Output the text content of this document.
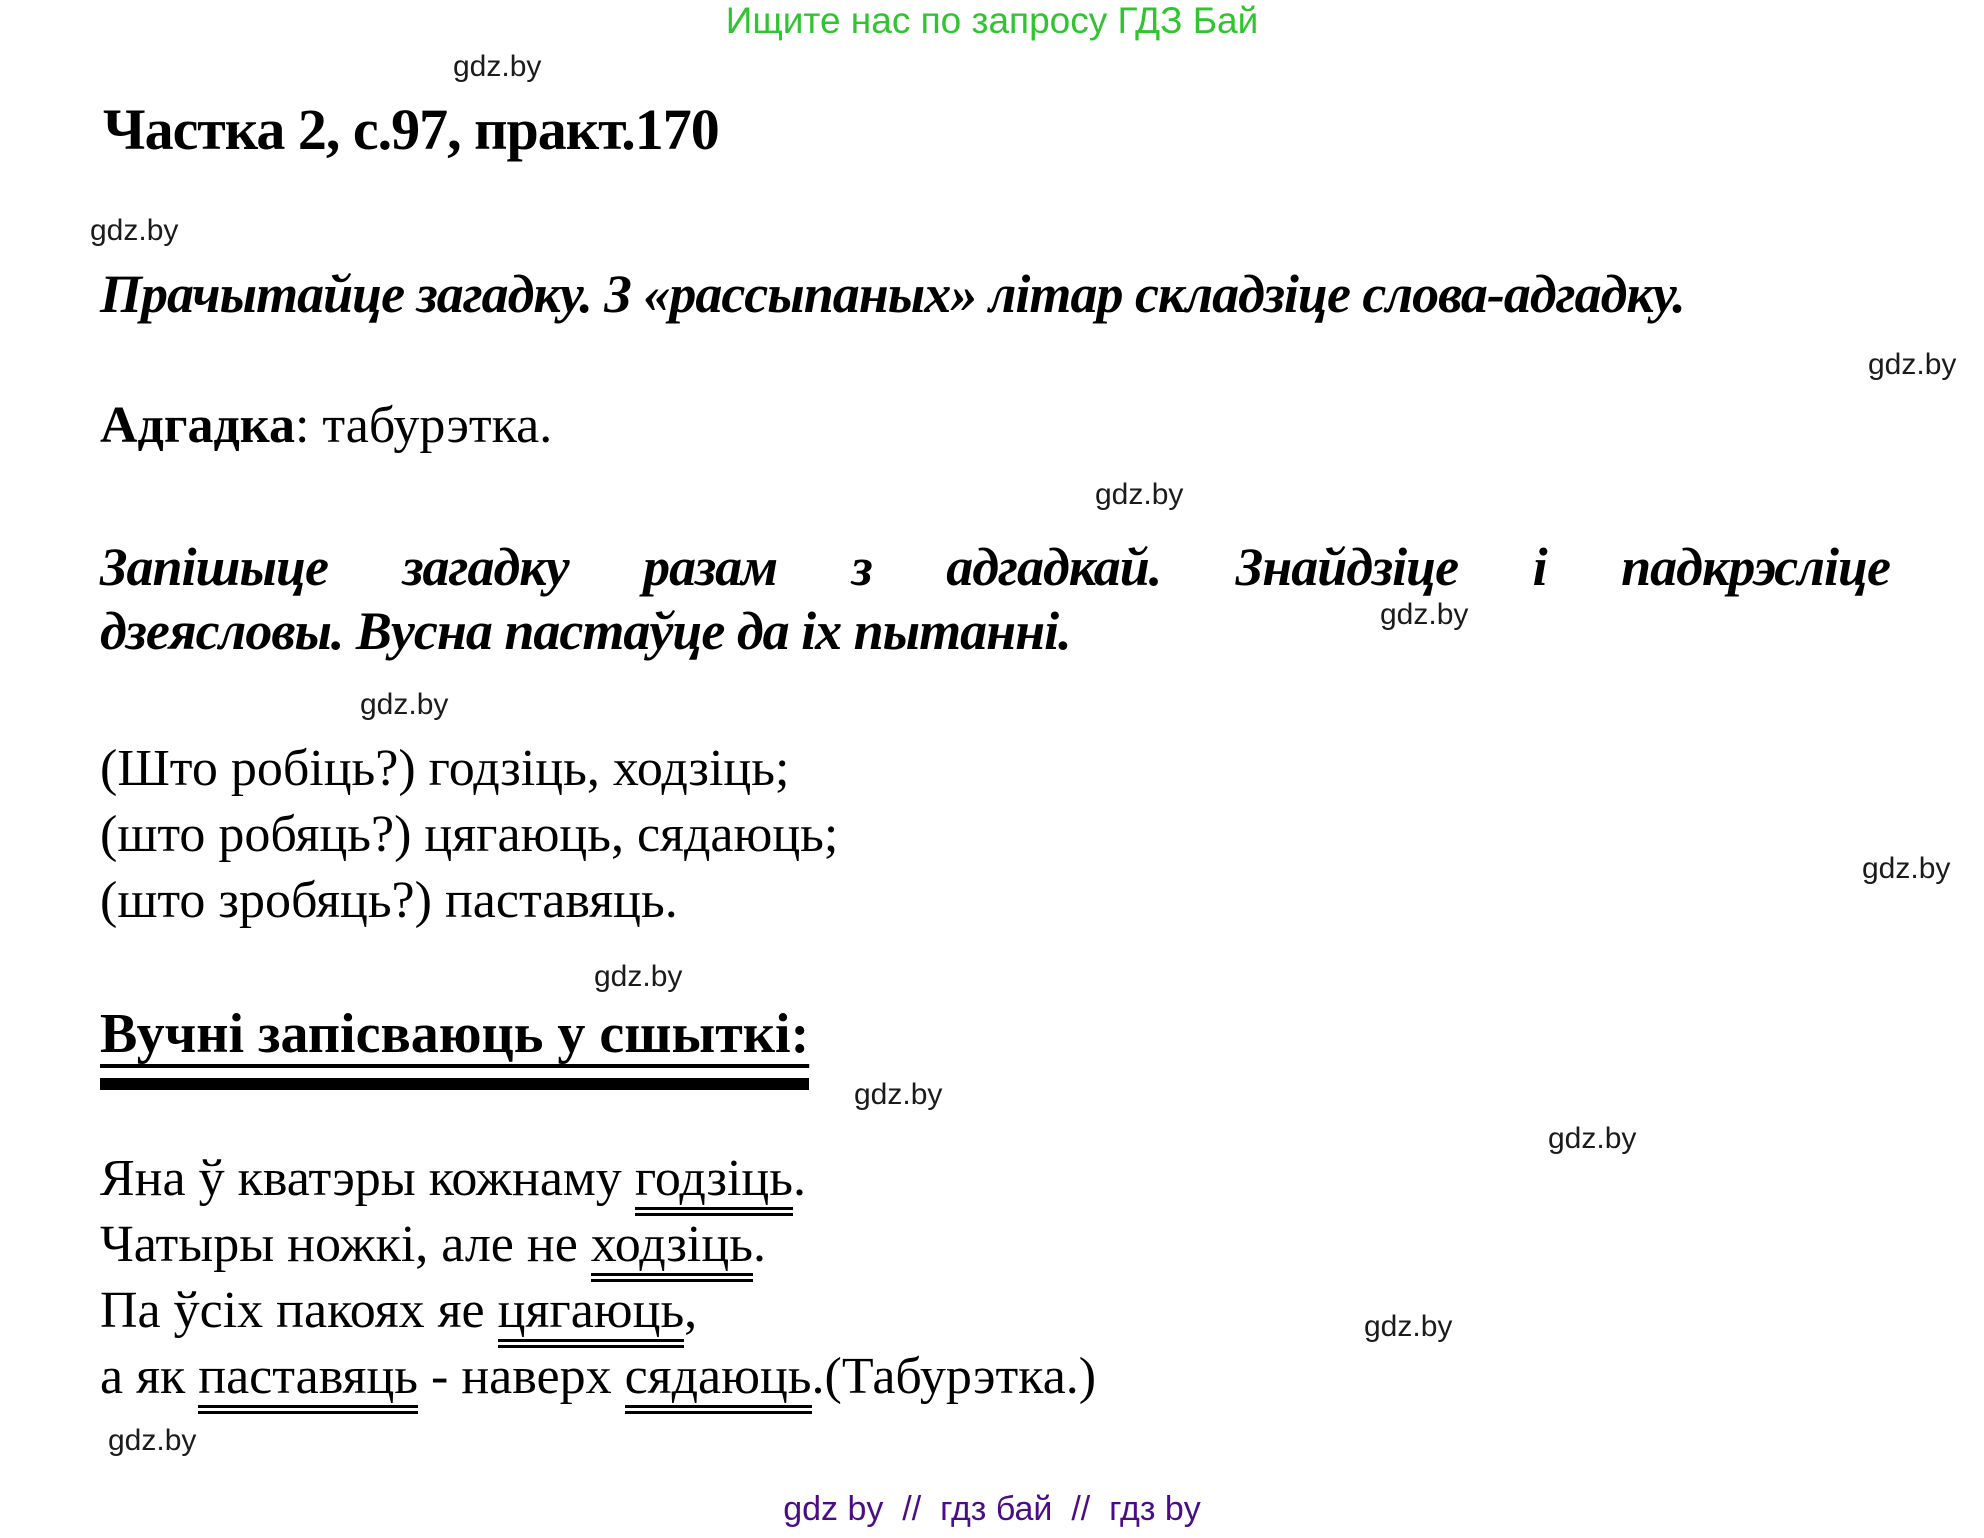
Ищите нас по запросу ГДЗ Бай
gdz.by
gdz.by
gdz.by
gdz.by
gdz.by
gdz.by
gdz.by
gdz.by
gdz.by
gdz.by
gdz.by
gdz.by
Частка 2, с.97, практ.170
Прачытайце загадку. З «рассыпаных» літар складзіце слова-адгадку.
Адгадка: табурэтка.
Запішыце загадку разам з адгадкай. Знайдзіце і падкрэсліце
дзеясловы. Вусна пастаўце да іх пытанні.
(Што робіць?) годзіць, ходзіць;
(што робяць?) цягаюць, сядаюць;
(што зробяць?) паставяць.
Вучні запісваюць у сшыткі:
Яна ў кватэры кожнаму годзіць.
Чатыры ножкі, але не ходзіць.
Па ўсіх пакоях яе цягаюць,
а як паставяць - наверх сядаюць.(Табурэтка.)
gdz by  //  гдз бай  //  гдз by
